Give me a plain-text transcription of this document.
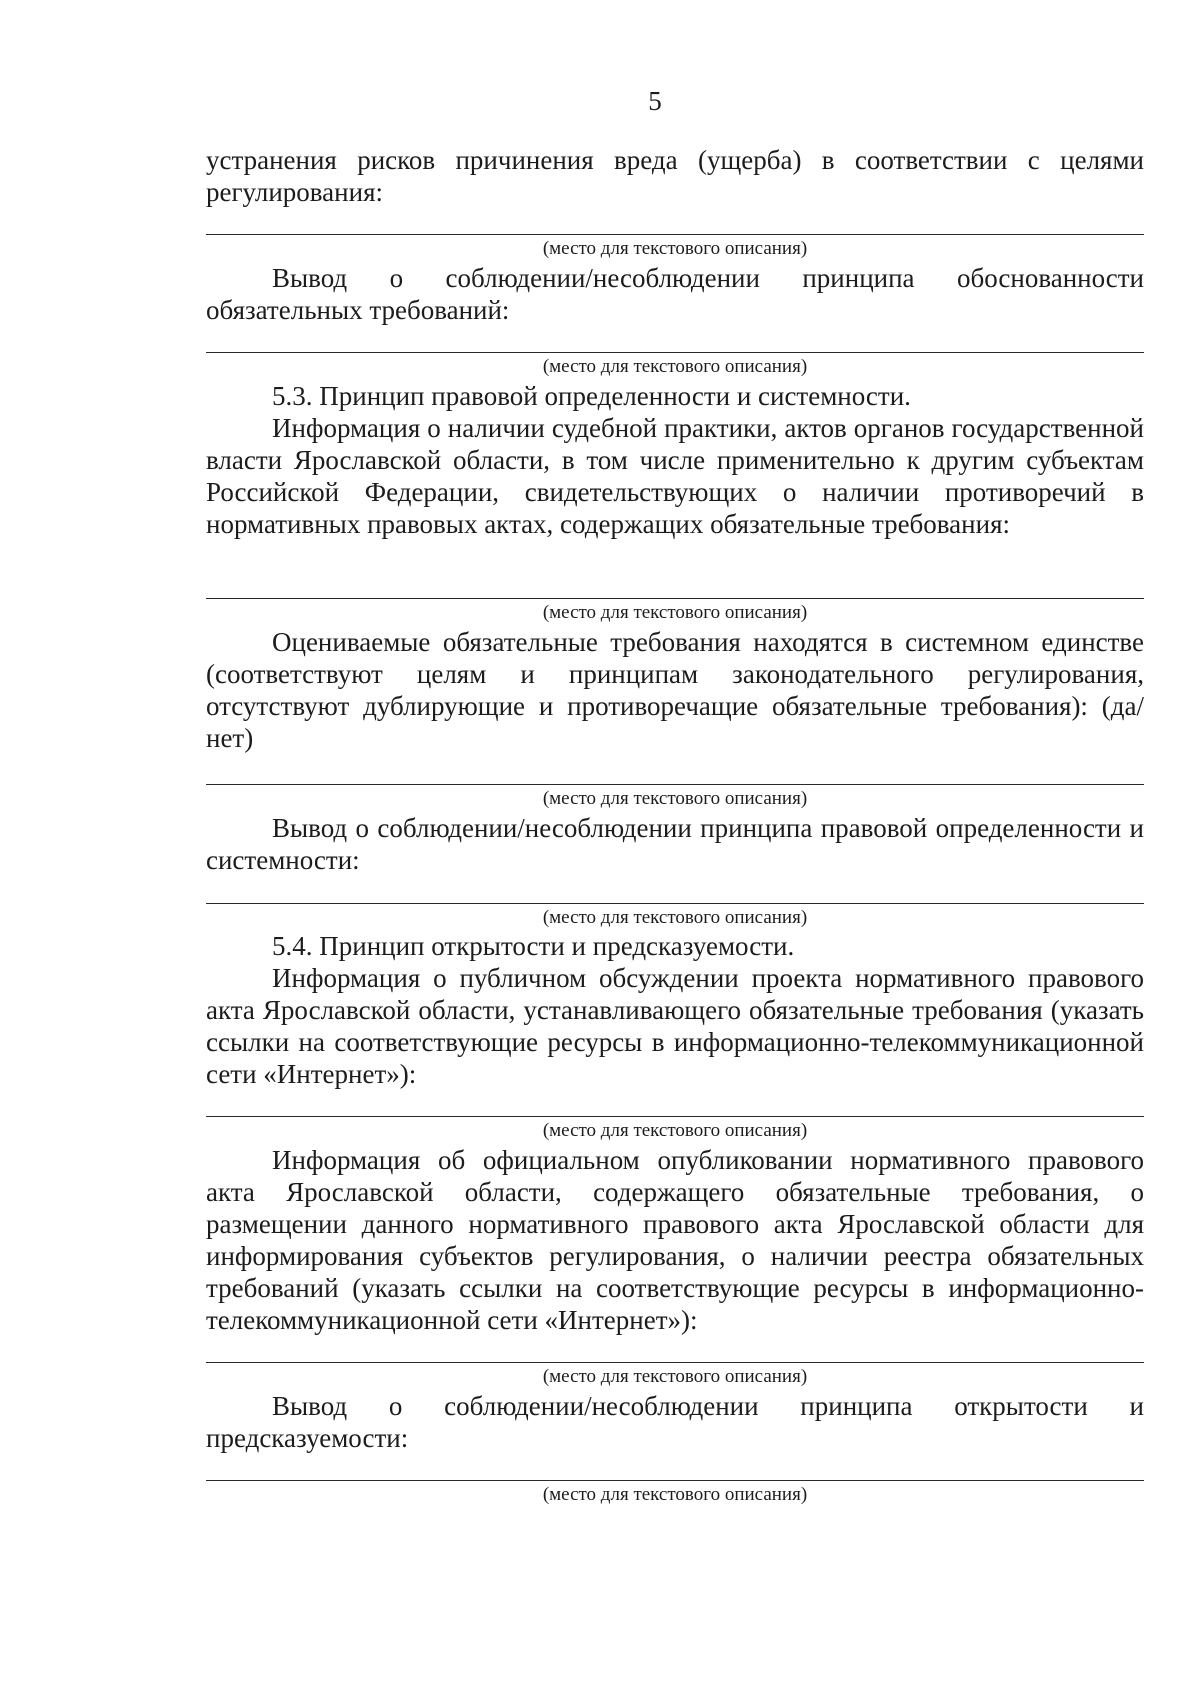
5

устранения рисков причинения вреда (ущерба) в соответствии с целями регулирования:

(место для текстового описания)

Вывод о соблюдении/несоблюдении принципа обоснованности обязательных требований:

(место для текстового описания)

5.3. Принцип правовой определенности и системности.

Информация о наличии судебной практики, актов органов государственной власти Ярославской области, в том числе применительно к другим субъектам Российской Федерации, свидетельствующих о наличии противоречий в нормативных правовых актах, содержащих обязательные требования:

(место для текстового описания)

Оцениваемые обязательные требования находятся в системном единстве (соответствуют целям и принципам законодательного регулирования, отсутствуют дублирующие и противоречащие обязательные требования): (да/нет)

(место для текстового описания)

Вывод о соблюдении/несоблюдении принципа правовой определенности и системности:

(место для текстового описания)

5.4. Принцип открытости и предсказуемости.

Информация о публичном обсуждении проекта нормативного правового акта Ярославской области, устанавливающего обязательные требования (указать ссылки на соответствующие ресурсы в информационно-телекоммуникационной сети «Интернет»):

(место для текстового описания)

Информация об официальном опубликовании нормативного правового акта Ярославской области, содержащего обязательные требования, о размещении данного нормативного правового акта Ярославской области для информирования субъектов регулирования, о наличии реестра обязательных требований (указать ссылки на соответствующие ресурсы в информационно-телекоммуникационной сети «Интернет»):

(место для текстового описания)

Вывод о соблюдении/несоблюдении принципа открытости и предсказуемости:

(место для текстового описания)
